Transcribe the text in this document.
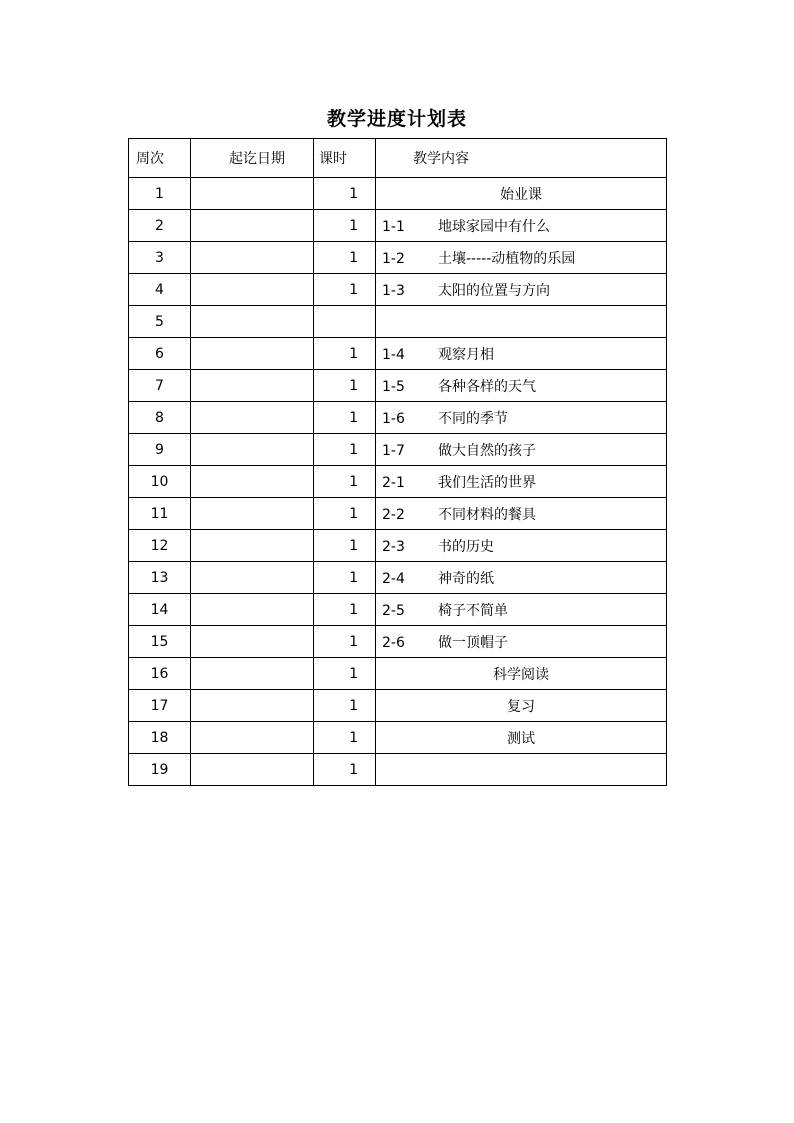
教学进度计划表
周次	起讫日期	课时	教学内容
1		1	始业课
2		1	1-1 地球家园中有什么
3		1	1-2 土壤-----动植物的乐园
4		1	1-3 太阳的位置与方向
5			
6		1	1-4 观察月相
7		1	1-5 各种各样的天气
8		1	1-6 不同的季节
9		1	1-7 做大自然的孩子
10		1	2-1 我们生活的世界
11		1	2-2 不同材料的餐具
12		1	2-3 书的历史
13		1	2-4 神奇的纸
14		1	2-5 椅子不简单
15		1	2-6 做一顶帽子
16		1	科学阅读
17		1	复习
18		1	测试
19		1	
